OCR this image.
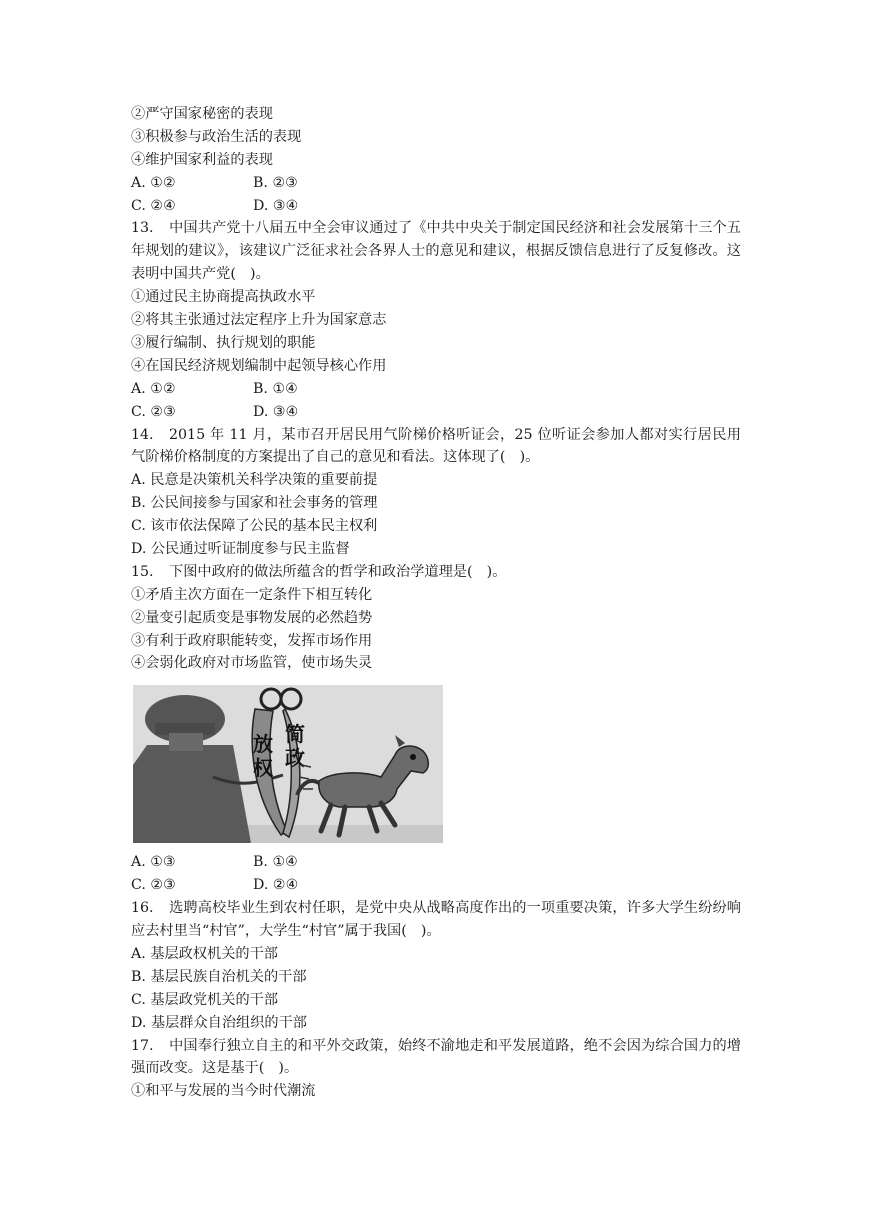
②严守国家秘密的表现
③积极参与政治生活的表现
④维护国家利益的表现
A. ①②	B. ②③
C. ②④	D. ③④
13. 中国共产党十八届五中全会审议通过了《中共中央关于制定国民经济和社会发展第十三个五年规划的建议》，该建议广泛征求社会各界人士的意见和建议，根据反馈信息进行了反复修改。这表明中国共产党(　)。
①通过民主协商提高执政水平
②将其主张通过法定程序上升为国家意志
③履行编制、执行规划的职能
④在国民经济规划编制中起领导核心作用
A. ①②	B. ①④
C. ②③	D. ③④
14. 2015 年 11 月，某市召开居民用气阶梯价格听证会，25 位听证会参加人都对实行居民用气阶梯价格制度的方案提出了自己的意见和看法。这体现了(　)。
A. 民意是决策机关科学决策的重要前提
B. 公民间接参与国家和社会事务的管理
C. 该市依法保障了公民的基本民主权利
D. 公民通过听证制度参与民主监督
15. 下图中政府的做法所蕴含的哲学和政治学道理是(　)。
①矛盾主次方面在一定条件下相互转化
②量变引起质变是事物发展的必然趋势
③有利于政府职能转变，发挥市场作用
④会弱化政府对市场监管，使市场失灵
放
权
简
政
A. ①③	B. ①④
C. ②③	D. ②④
16. 选聘高校毕业生到农村任职，是党中央从战略高度作出的一项重要决策，许多大学生纷纷响应去村里当“村官”，大学生“村官”属于我国(　)。
A. 基层政权机关的干部
B. 基层民族自治机关的干部
C. 基层政党机关的干部
D. 基层群众自治组织的干部
17. 中国奉行独立自主的和平外交政策，始终不渝地走和平发展道路，绝不会因为综合国力的增强而改变。这是基于(　)。
①和平与发展的当今时代潮流
